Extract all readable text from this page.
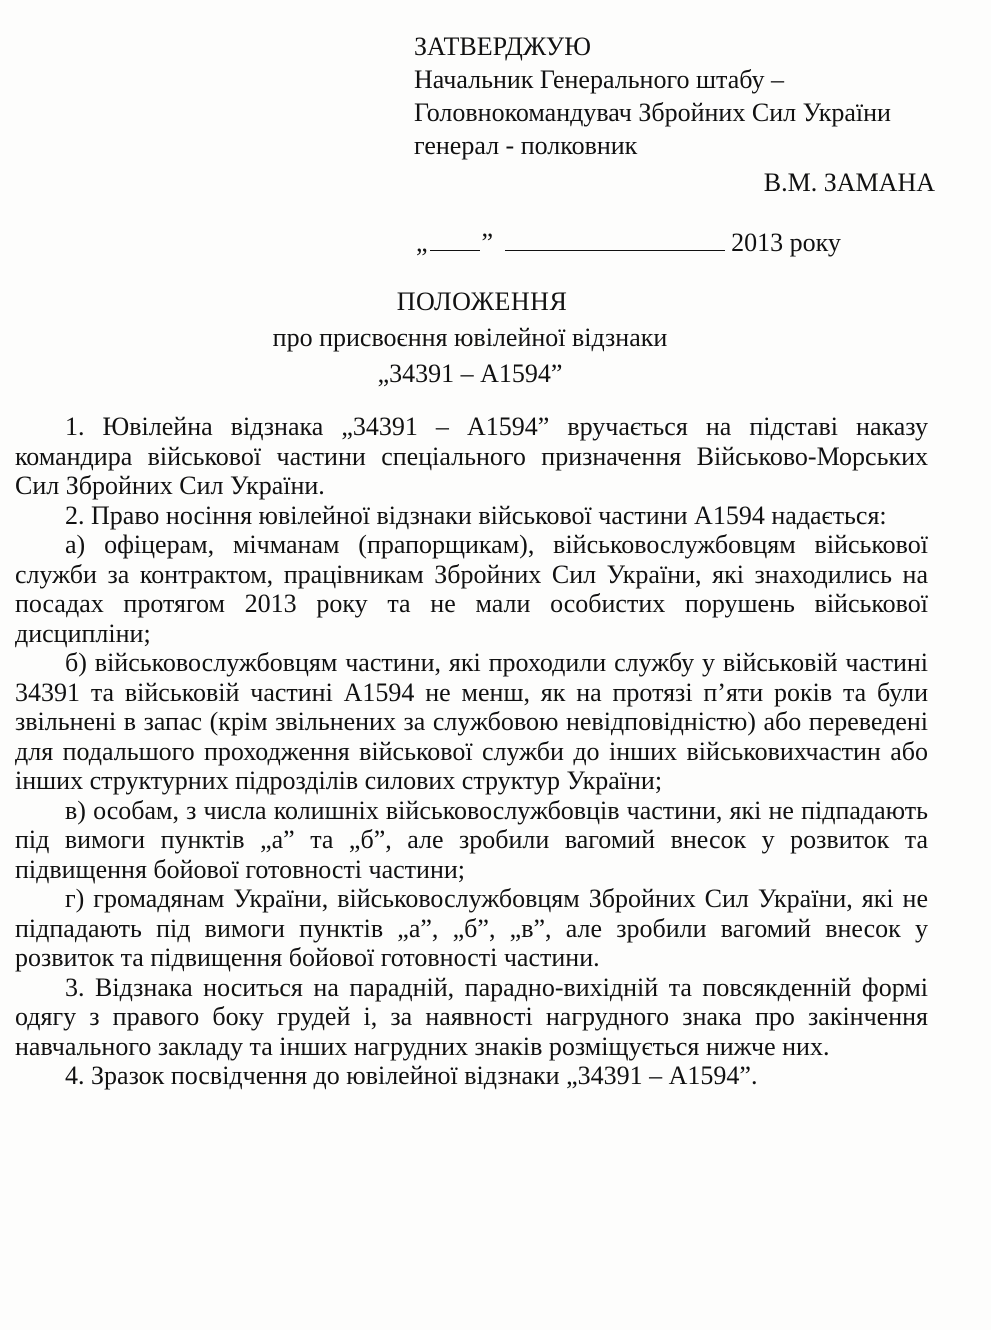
ЗАТВЕРДЖУЮ
Начальник Генерального штабу –
Головнокомандувач Збройних Сил України
генерал - полковник
В.М. ЗАМАНА
„ ”	2013 року
ПОЛОЖЕННЯ
про присвоєння ювілейної відзнаки
„34391 – А1594”

1. Ювілейна відзнака „34391 – А1594” вручається на підставі наказу командира військової частини спеціального призначення Військово-Морських Сил Збройних Сил України.

2. Право носіння ювілейної відзнаки військової частини А1594 надається:

а) офіцерам, мічманам (прапорщикам), військовослужбовцям військової служби за контрактом, працівникам Збройних Сил України, які знаходились на посадах протягом 2013 року та не мали особистих порушень військової дисципліни;

б) військовослужбовцям частини, які проходили службу у військовій частині 34391 та військовій частині А1594 не менш, як на протязі п’яти років та були звільнені в запас (крім звільнених за службовою невідповідністю) або переведені для подальшого проходження військової служби до інших військовихчастин або інших структурних підрозділів силових структур України;

в) особам, з числа колишніх військовослужбовців частини, які не підпадають під вимоги пунктів „а” та „б”, але зробили вагомий внесок у розвиток та підвищення бойової готовності частини;

г) громадянам України, військовослужбовцям Збройних Сил України, які не підпадають під вимоги пунктів „а”, „б”, „в”, але зробили вагомий внесок у розвиток та підвищення бойової готовності частини.

3. Відзнака носиться на парадній, парадно-вихідній та повсякденній формі одягу з правого боку грудей і, за наявності нагрудного знака про закінчення навчального закладу та інших нагрудних знаків розміщується нижче них.

4. Зразок посвідчення до ювілейної відзнаки „34391 – А1594”.
